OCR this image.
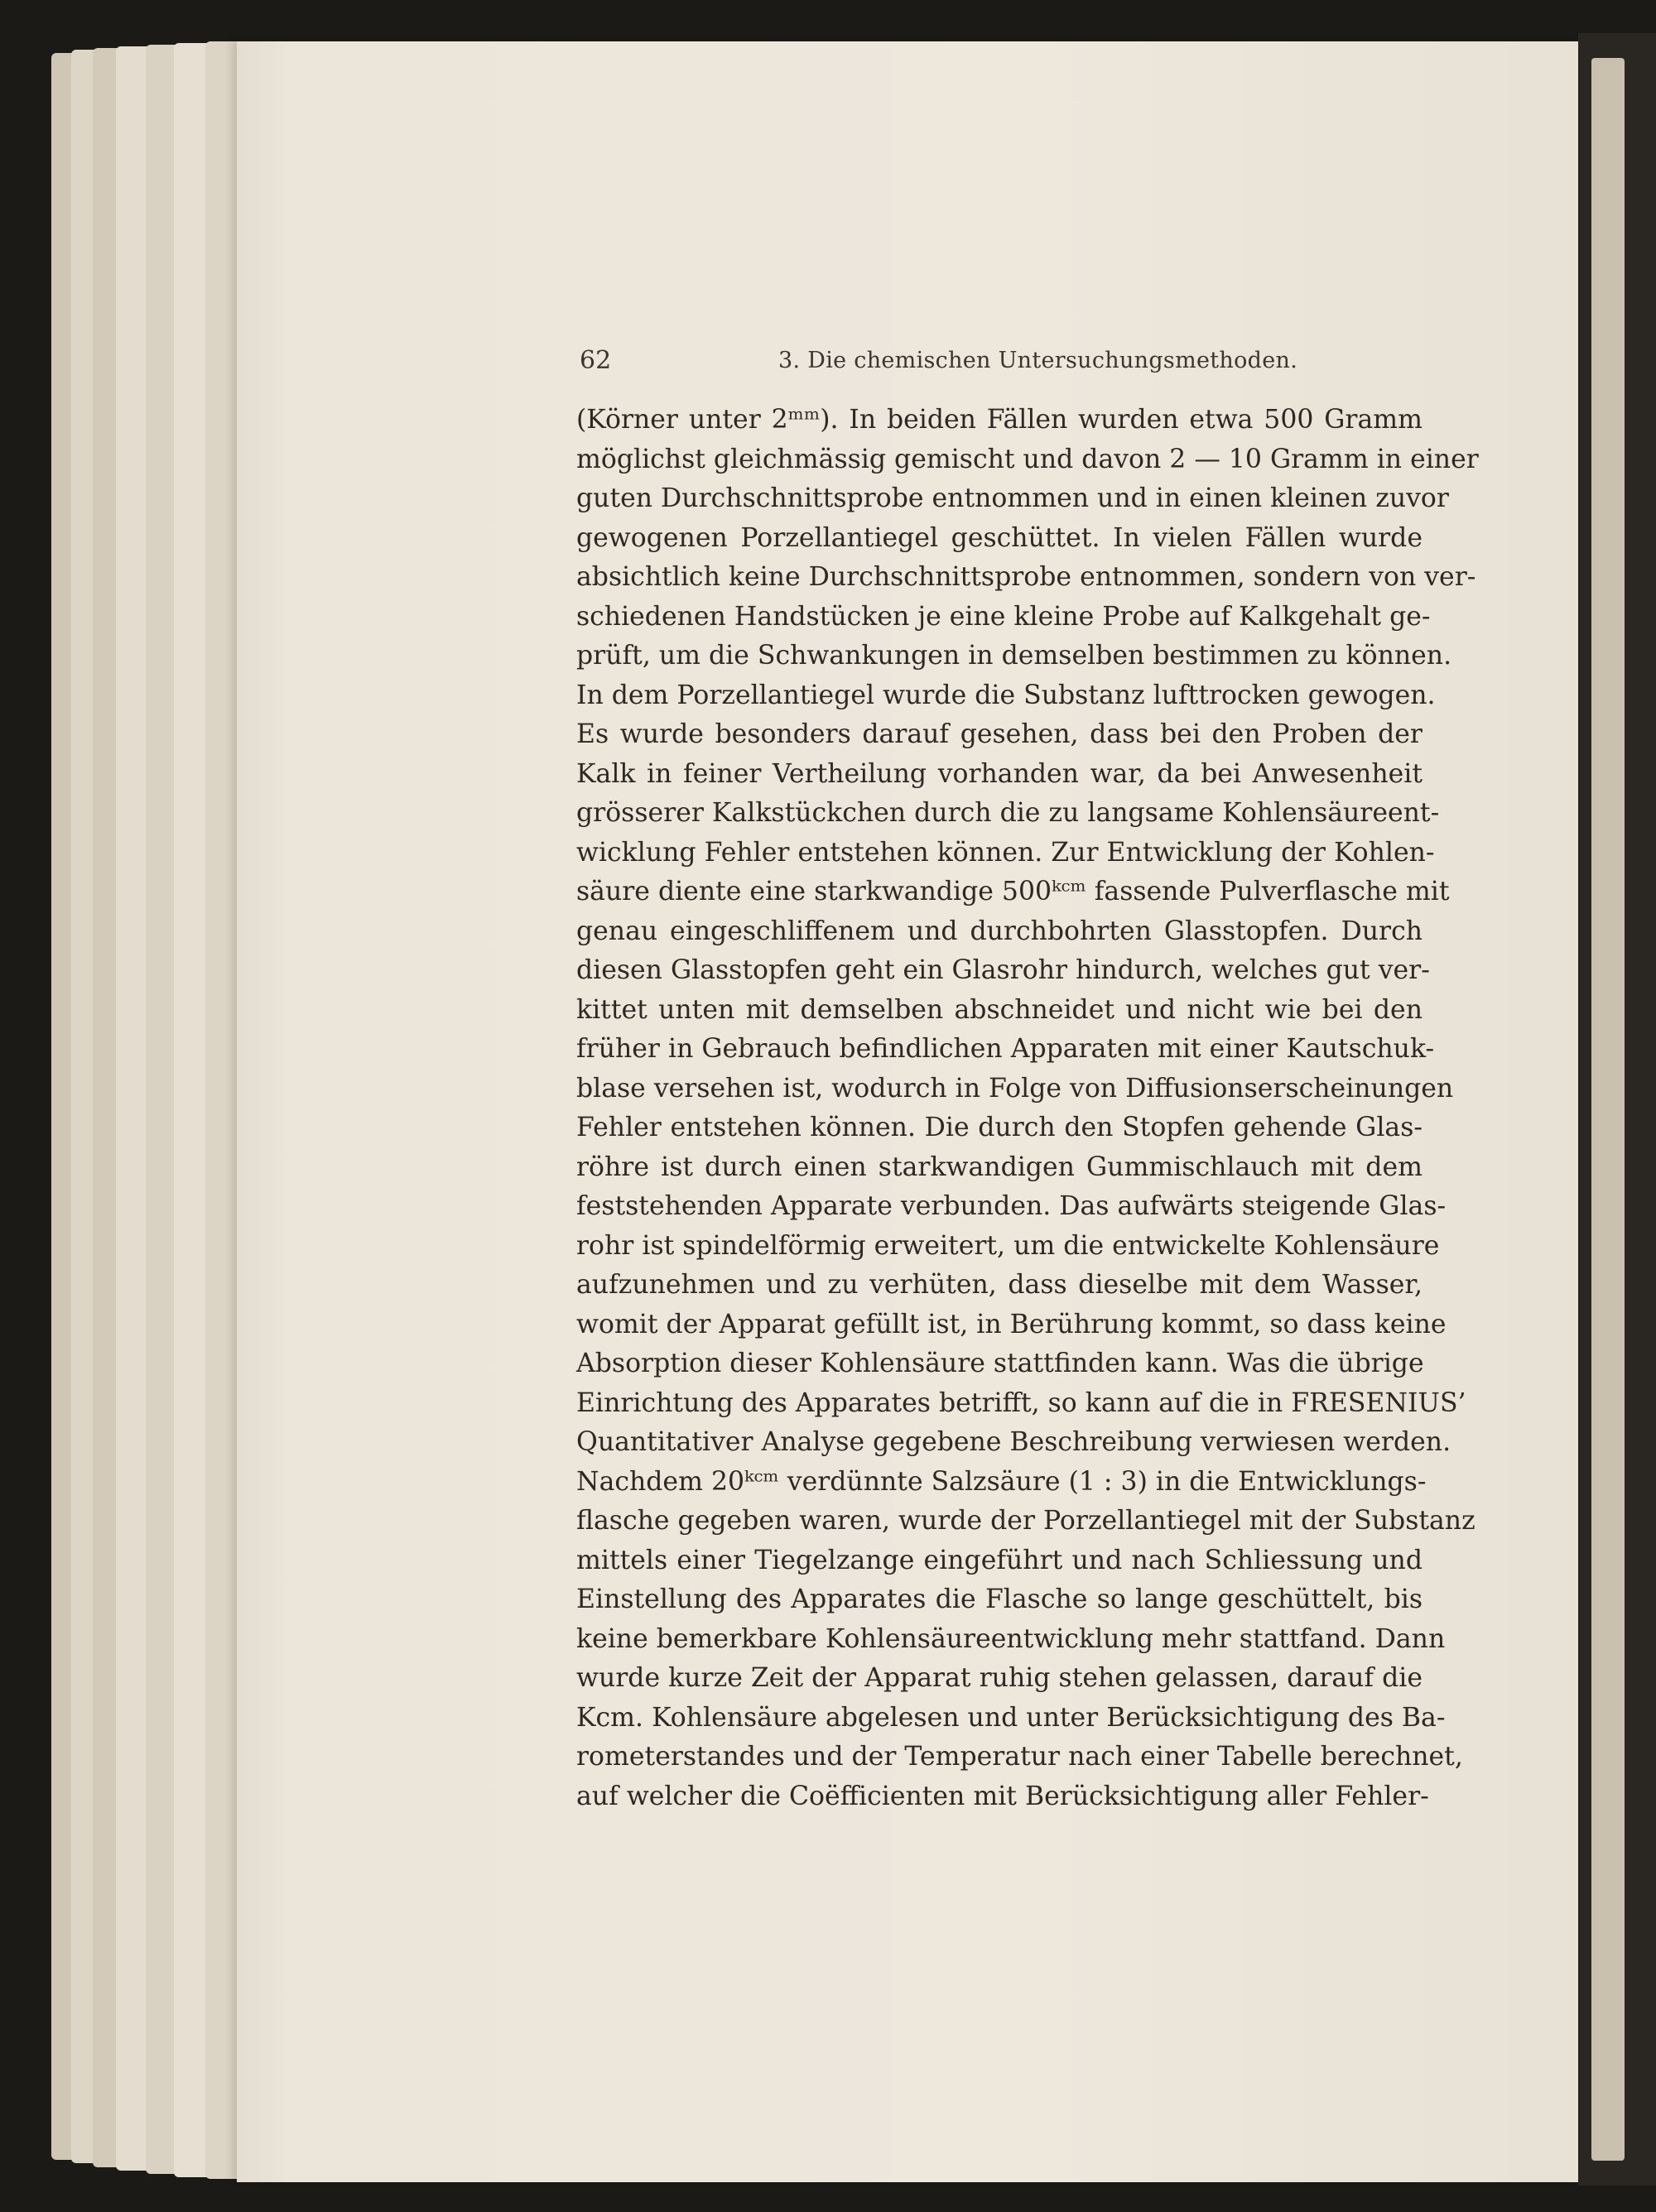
62	3. Die chemischen Untersuchungsmethoden.
(Körner unter 2ᵐᵐ). In beiden Fällen wurden etwa 500 Gramm
möglichst gleichmässig gemischt und davon 2 — 10 Gramm in einer
guten Durchschnittsprobe entnommen und in einen kleinen zuvor
gewogenen Porzellantiegel geschüttet. In vielen Fällen wurde
absichtlich keine Durchschnittsprobe entnommen, sondern von ver-
schiedenen Handstücken je eine kleine Probe auf Kalkgehalt ge-
prüft, um die Schwankungen in demselben bestimmen zu können.
In dem Porzellantiegel wurde die Substanz lufttrocken gewogen.
Es wurde besonders darauf gesehen, dass bei den Proben der
Kalk in feiner Vertheilung vorhanden war, da bei Anwesenheit
grösserer Kalkstückchen durch die zu langsame Kohlensäureent-
wicklung Fehler entstehen können. Zur Entwicklung der Kohlen-
säure diente eine starkwandige 500ᵏᶜᵐ fassende Pulverflasche mit
genau eingeschliffenem und durchbohrten Glasstopfen. Durch
diesen Glasstopfen geht ein Glasrohr hindurch, welches gut ver-
kittet unten mit demselben abschneidet und nicht wie bei den
früher in Gebrauch befindlichen Apparaten mit einer Kautschuk-
blase versehen ist, wodurch in Folge von Diffusionserscheinungen
Fehler entstehen können. Die durch den Stopfen gehende Glas-
röhre ist durch einen starkwandigen Gummischlauch mit dem
feststehenden Apparate verbunden. Das aufwärts steigende Glas-
rohr ist spindelförmig erweitert, um die entwickelte Kohlensäure
aufzunehmen und zu verhüten, dass dieselbe mit dem Wasser,
womit der Apparat gefüllt ist, in Berührung kommt, so dass keine
Absorption dieser Kohlensäure stattfinden kann. Was die übrige
Einrichtung des Apparates betrifft, so kann auf die in FRESENIUS’
Quantitativer Analyse gegebene Beschreibung verwiesen werden.
Nachdem 20ᵏᶜᵐ verdünnte Salzsäure (1 : 3) in die Entwicklungs-
flasche gegeben waren, wurde der Porzellantiegel mit der Substanz
mittels einer Tiegelzange eingeführt und nach Schliessung und
Einstellung des Apparates die Flasche so lange geschüttelt, bis
keine bemerkbare Kohlensäureentwicklung mehr stattfand. Dann
wurde kurze Zeit der Apparat ruhig stehen gelassen, darauf die
Kcm. Kohlensäure abgelesen und unter Berücksichtigung des Ba-
rometerstandes und der Temperatur nach einer Tabelle berechnet,
auf welcher die Coëfficienten mit Berücksichtigung aller Fehler-
